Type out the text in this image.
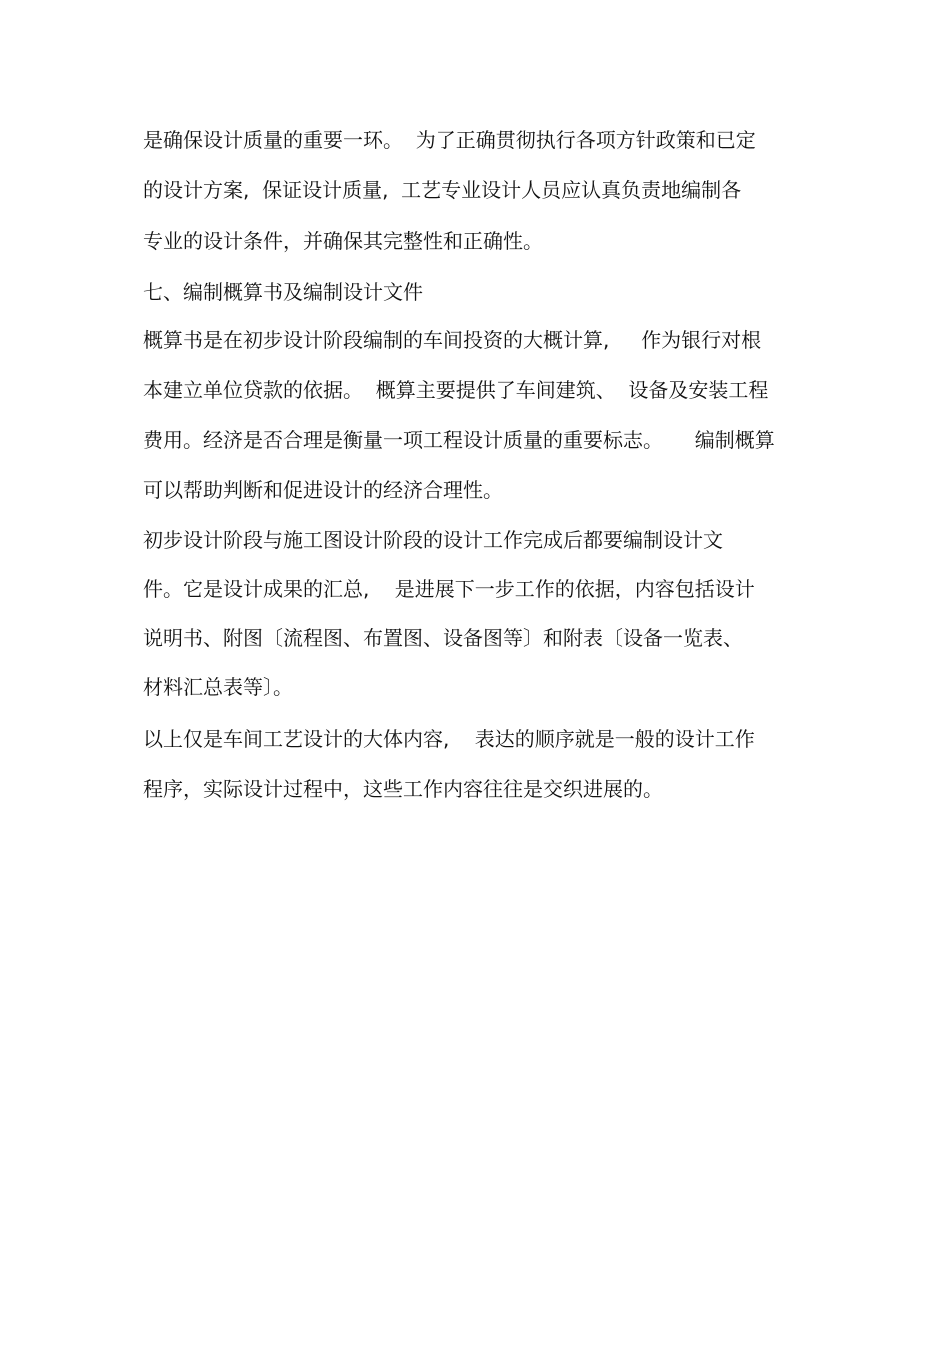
是确保设计质量的重要一环。  为了正确贯彻执行各项方针政策和已定

的设计方案,  保证设计质量,  工艺专业设计人员应认真负责地编制各

专业的设计条件，并确保其完整性和正确性。

七、编制概算书及编制设计文件

概算书是在初步设计阶段编制的车间投资的大概计算,     作为银行对根

本建立单位贷款的依据。  概算主要提供了车间建筑、  设备及安装工程

费用。经济是否合理是衡量一项工程设计质量的重要标志。     编制概算

可以帮助判断和促进设计的经济合理性。

初步设计阶段与施工图设计阶段的设计工作完成后都要编制设计文

件。它是设计成果的汇总,    是进展下一步工作的依据，内容包括设计

说明书、附图〔流程图、布置图、设备图等〕和附表〔设备一览表、

材料汇总表等〕。

以上仅是车间工艺设计的大体内容,    表达的顺序就是一般的设计工作

程序，实际设计过程中，这些工作内容往往是交织进展的。
